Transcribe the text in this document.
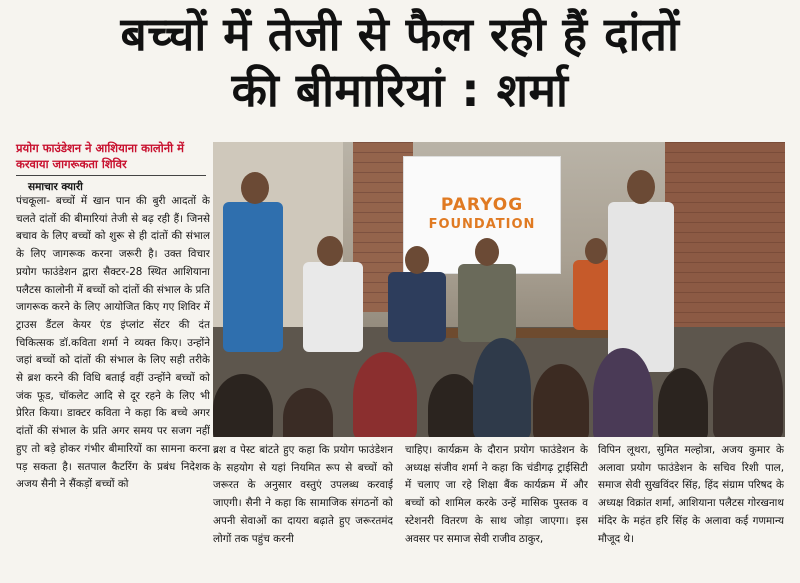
बच्चों में तेजी से फैल रही हैं दांतों
की बीमारियां : शर्मा
प्रयोग फाउंडेशन ने आशियाना कालोनी में करवाया जागरूकता शिविर
समाचार क्यारी

पंचकूला- बच्चों में खान पान की बुरी आदतों के चलते दांतों की बीमारियां तेजी से बढ़ रही हैं। जिनसे बचाव के लिए बच्चों को शुरू से ही दांतों की संभाल के लिए जागरूक करना जरूरी है। उक्त विचार प्रयोग फाउंडेशन द्वारा सैक्टर-28 स्थित आशियाना पलैटस कालोनी में बच्चों को दांतों की संभाल के प्रति जागरूक करने के लिए आयोजित किए गए शिविर में ट्राउस डैंटल केयर एंड इंप्लांट सेंटर की दंत चिकित्सक डॉ.कविता शर्मा ने व्यक्त किए। उन्होंने जहां बच्चों को दांतों की संभाल के लिए सही तरीके से ब्रश करने की विधि बताई वहीं उन्होंने बच्चों को जंक फूड, चॉकलेट आदि से दूर रहने के लिए भी प्रेरित किया। डाक्टर कविता ने कहा कि बच्चे अगर दांतों की संभाल के प्रति अगर समय पर सजग नहीं हुए तो बड़े होकर गंभीर बीमारियों का सामना करना पड़ सकता है। सतपाल कैटरिंग के प्रबंध निदेशक अजय सैनी ने सैंकड़ों बच्चों को

PARYOG
FOUNDATION

ब्रश व पेस्ट बांटते हुए कहा कि प्रयोग फाउंडेशन के सहयोग से यहां नियमित रूप से बच्चों को जरूरत के अनुसार वस्तुएं उपलब्ध करवाई जाएगी। सैनी ने कहा कि सामाजिक संगठनों को अपनी सेवाओं का दायरा बढ़ाते हुए जरूरतमंद लोगों तक पहुंच करनी

चाहिए। कार्यक्रम के दौरान प्रयोग फाउंडेशन के अध्यक्ष संजीव शर्मा ने कहा कि चंडीगढ़ ट्राईसिटी में चलाए जा रहे शिक्षा बैंक कार्यक्रम में और बच्चों को शामिल करके उन्हें मासिक पुस्तक व स्टेशनरी वितरण के साथ जोड़ा जाएगा। इस अवसर पर समाज सेवी राजीव ठाकुर,

विपिन लूथरा, सुमित मल्होत्रा, अजय कुमार के अलावा प्रयोग फाउंडेशन के सचिव रिशी पाल, समाज सेवी सुखविंदर सिंह, हिंद संग्राम परिषद के अध्यक्ष विक्रांत शर्मा, आशियाना पलैटस गोरखनाथ मंदिर के महंत हरि सिंह के अलावा कई गणमान्य मौजूद थे।
